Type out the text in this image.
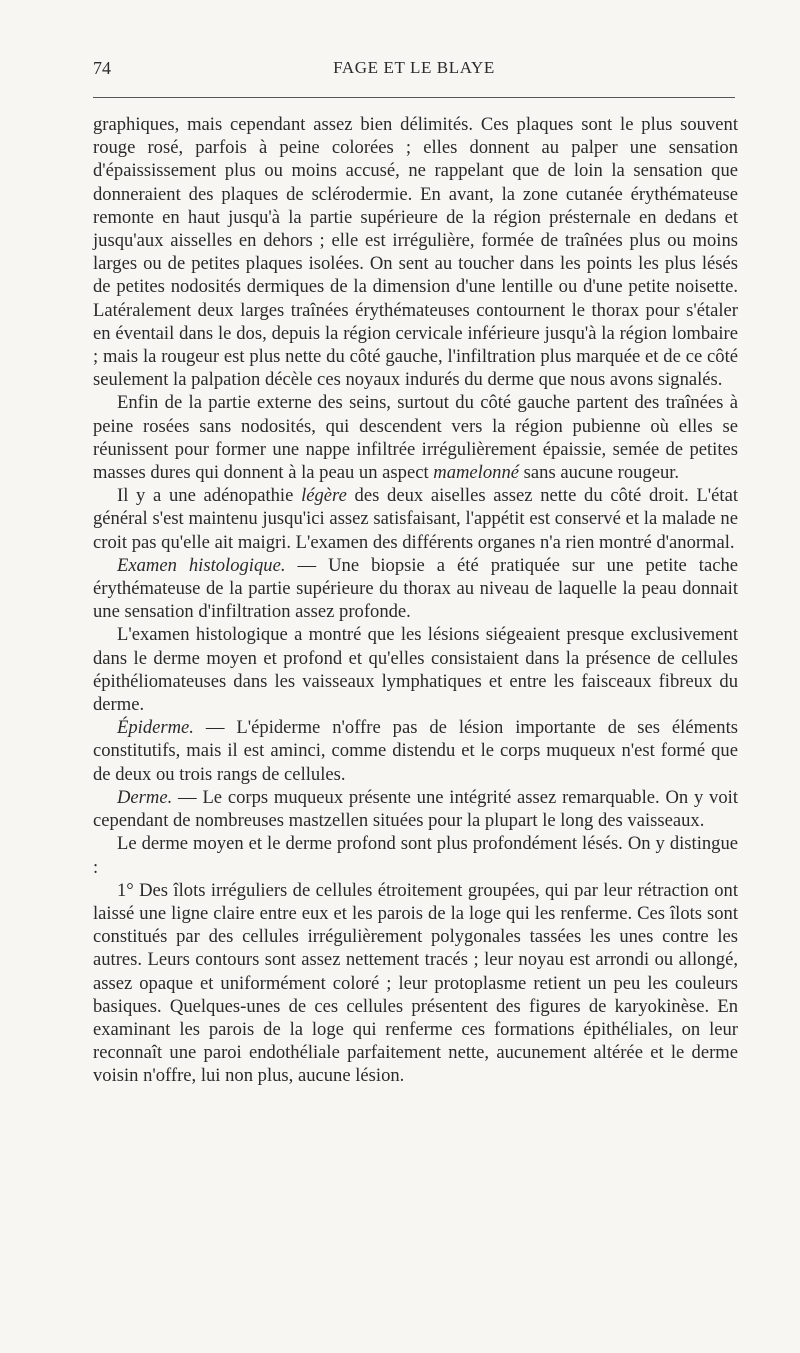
74	FAGE ET LE BLAYE

graphiques, mais cependant assez bien délimités. Ces plaques sont le plus souvent rouge rosé, parfois à peine colorées ; elles donnent au palper une sensation d'épaississement plus ou moins accusé, ne rappelant que de loin la sensation que donneraient des plaques de sclérodermie. En avant, la zone cutanée érythémateuse remonte en haut jusqu'à la partie supérieure de la région présternale en dedans et jusqu'aux aisselles en dehors ; elle est irrégulière, formée de traînées plus ou moins larges ou de petites plaques isolées. On sent au toucher dans les points les plus lésés de petites nodosités dermiques de la dimension d'une lentille ou d'une petite noisette. Latéralement deux larges traînées érythémateuses contournent le thorax pour s'étaler en éventail dans le dos, depuis la région cervicale inférieure jusqu'à la région lombaire ; mais la rougeur est plus nette du côté gauche, l'infiltration plus marquée et de ce côté seulement la palpation décèle ces noyaux indurés du derme que nous avons signalés.

Enfin de la partie externe des seins, surtout du côté gauche partent des traînées à peine rosées sans nodosités, qui descendent vers la région pubienne où elles se réunissent pour former une nappe infiltrée irrégulièrement épaissie, semée de petites masses dures qui donnent à la peau un aspect mamelonné sans aucune rougeur.

Il y a une adénopathie légère des deux aiselles assez nette du côté droit. L'état général s'est maintenu jusqu'ici assez satisfaisant, l'appétit est conservé et la malade ne croit pas qu'elle ait maigri. L'examen des différents organes n'a rien montré d'anormal.

Examen histologique. — Une biopsie a été pratiquée sur une petite tache érythémateuse de la partie supérieure du thorax au niveau de laquelle la peau donnait une sensation d'infiltration assez profonde.

L'examen histologique a montré que les lésions siégeaient presque exclusivement dans le derme moyen et profond et qu'elles consistaient dans la présence de cellules épithéliomateuses dans les vaisseaux lymphatiques et entre les faisceaux fibreux du derme.

Épiderme. — L'épiderme n'offre pas de lésion importante de ses éléments constitutifs, mais il est aminci, comme distendu et le corps muqueux n'est formé que de deux ou trois rangs de cellules.

Derme. — Le corps muqueux présente une intégrité assez remarquable. On y voit cependant de nombreuses mastzellen situées pour la plupart le long des vaisseaux.

Le derme moyen et le derme profond sont plus profondément lésés. On y distingue :

1° Des îlots irréguliers de cellules étroitement groupées, qui par leur rétraction ont laissé une ligne claire entre eux et les parois de la loge qui les renferme. Ces îlots sont constitués par des cellules irrégulièrement polygonales tassées les unes contre les autres. Leurs contours sont assez nettement tracés ; leur noyau est arrondi ou allongé, assez opaque et uniformément coloré ; leur protoplasme retient un peu les couleurs basiques. Quelques-unes de ces cellules présentent des figures de karyokinèse. En examinant les parois de la loge qui renferme ces formations épithéliales, on leur reconnaît une paroi endothéliale parfaitement nette, aucunement altérée et le derme voisin n'offre, lui non plus, aucune lésion.
